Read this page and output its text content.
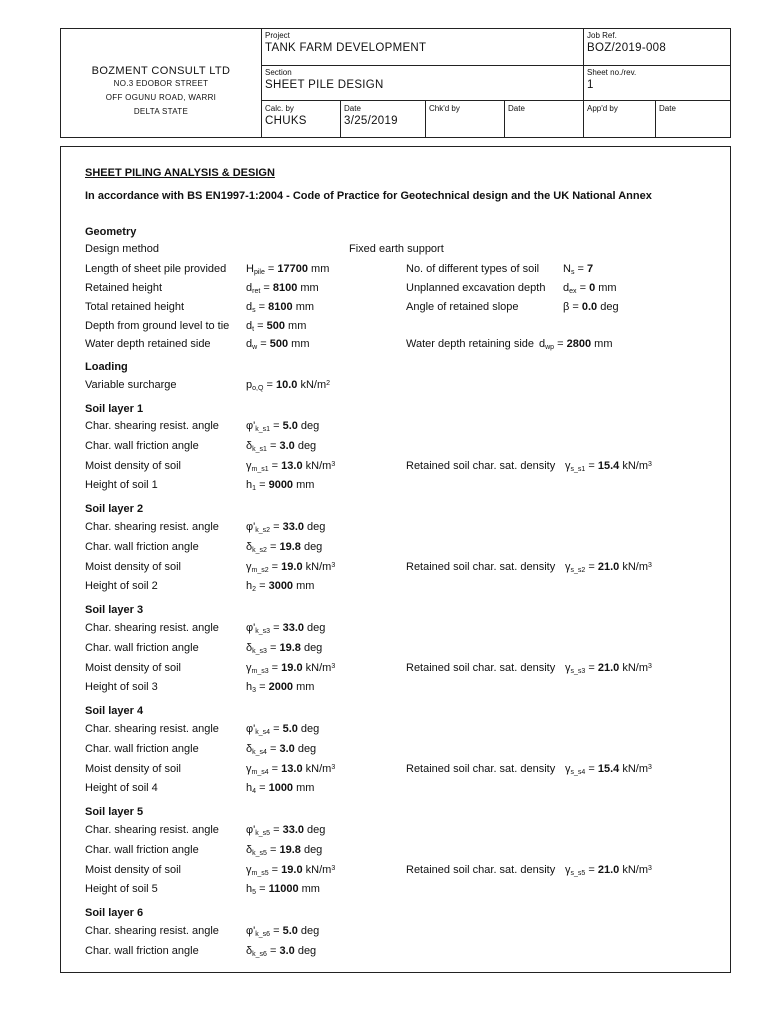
BOZMENT CONSULT LTD
NO.3 EDOBOR STREET
OFF OGUNU ROAD, WARRI
DELTA STATE
Project
TANK FARM DEVELOPMENT
Job Ref.
BOZ/2019-008
Section
SHEET PILE DESIGN
Sheet no./rev.
1
Calc. by
CHUKS
Date
3/25/2019
Chk'd by	Date	App'd by	Date
SHEET PILING ANALYSIS & DESIGN
In accordance with BS EN1997-1:2004 - Code of Practice for Geotechnical design and the UK National Annex
Geometry
Design method	Fixed earth support
Length of sheet pile provided $H_{pile} = 17700$ mm	No. of different types of soil $N_s = 7$
Retained height	$d_{ret} = 8100$ mm	Unplanned excavation depth $d_{ex} = 0$ mm
Total retained height	$d_s = 8100$ mm	Angle of retained slope	β = 0.0 deg
Depth from ground level to tie $d_t = 500$ mm
Water depth retained side	$d_w = 500$ mm	Water depth retaining side $d_{wp} = 2800$ mm
Loading
Variable surcharge	$p_{o,Q} = 10.0$ $kN/m^2$
Soil layer 1
Char. shearing resist. angle $\varphi'_{k\_s1} = 5.0$ deg
Char. wall friction angle	$\delta_{k\_s1} = 3.0$ deg
Moist density of soil	$\gamma_{m\_s1} = 13.0$ $kN/m^3$	Retained soil char. sat. density $\gamma_{s\_s1} = 15.4$ $kN/m^3$
Height of soil 1	$h_1 = 9000$ mm
Soil layer 2
Char. shearing resist. angle $\varphi'_{k\_s2} = 33.0$ deg
Char. wall friction angle	$\delta_{k\_s2} = 19.8$ deg
Moist density of soil	$\gamma_{m\_s2} = 19.0$ $kN/m^3$	Retained soil char. sat. density $\gamma_{s\_s2} = 21.0$ $kN/m^3$
Height of soil 2	$h_2 = 3000$ mm
Soil layer 3
Char. shearing resist. angle $\varphi'_{k\_s3} = 33.0$ deg
Char. wall friction angle	$\delta_{k\_s3} = 19.8$ deg
Moist density of soil	$\gamma_{m\_s3} = 19.0$ $kN/m^3$	Retained soil char. sat. density $\gamma_{s\_s3} = 21.0$ $kN/m^3$
Height of soil 3	$h_3 = 2000$ mm
Soil layer 4
Char. shearing resist. angle $\varphi'_{k\_s4} = 5.0$ deg
Char. wall friction angle	$\delta_{k\_s4} = 3.0$ deg
Moist density of soil	$\gamma_{m\_s4} = 13.0$ $kN/m^3$	Retained soil char. sat. density $\gamma_{s\_s4} = 15.4$ $kN/m^3$
Height of soil 4	$h_4 = 1000$ mm
Soil layer 5
Char. shearing resist. angle $\varphi'_{k\_s5} = 33.0$ deg
Char. wall friction angle	$\delta_{k\_s5} = 19.8$ deg
Moist density of soil	$\gamma_{m\_s5} = 19.0$ $kN/m^3$	Retained soil char. sat. density $\gamma_{s\_s5} = 21.0$ $kN/m^3$
Height of soil 5	$h_5 = 11000$ mm
Soil layer 6
Char. shearing resist. angle $\varphi'_{k\_s6} = 5.0$ deg
Char. wall friction angle	$\delta_{k\_s6} = 3.0$ deg
